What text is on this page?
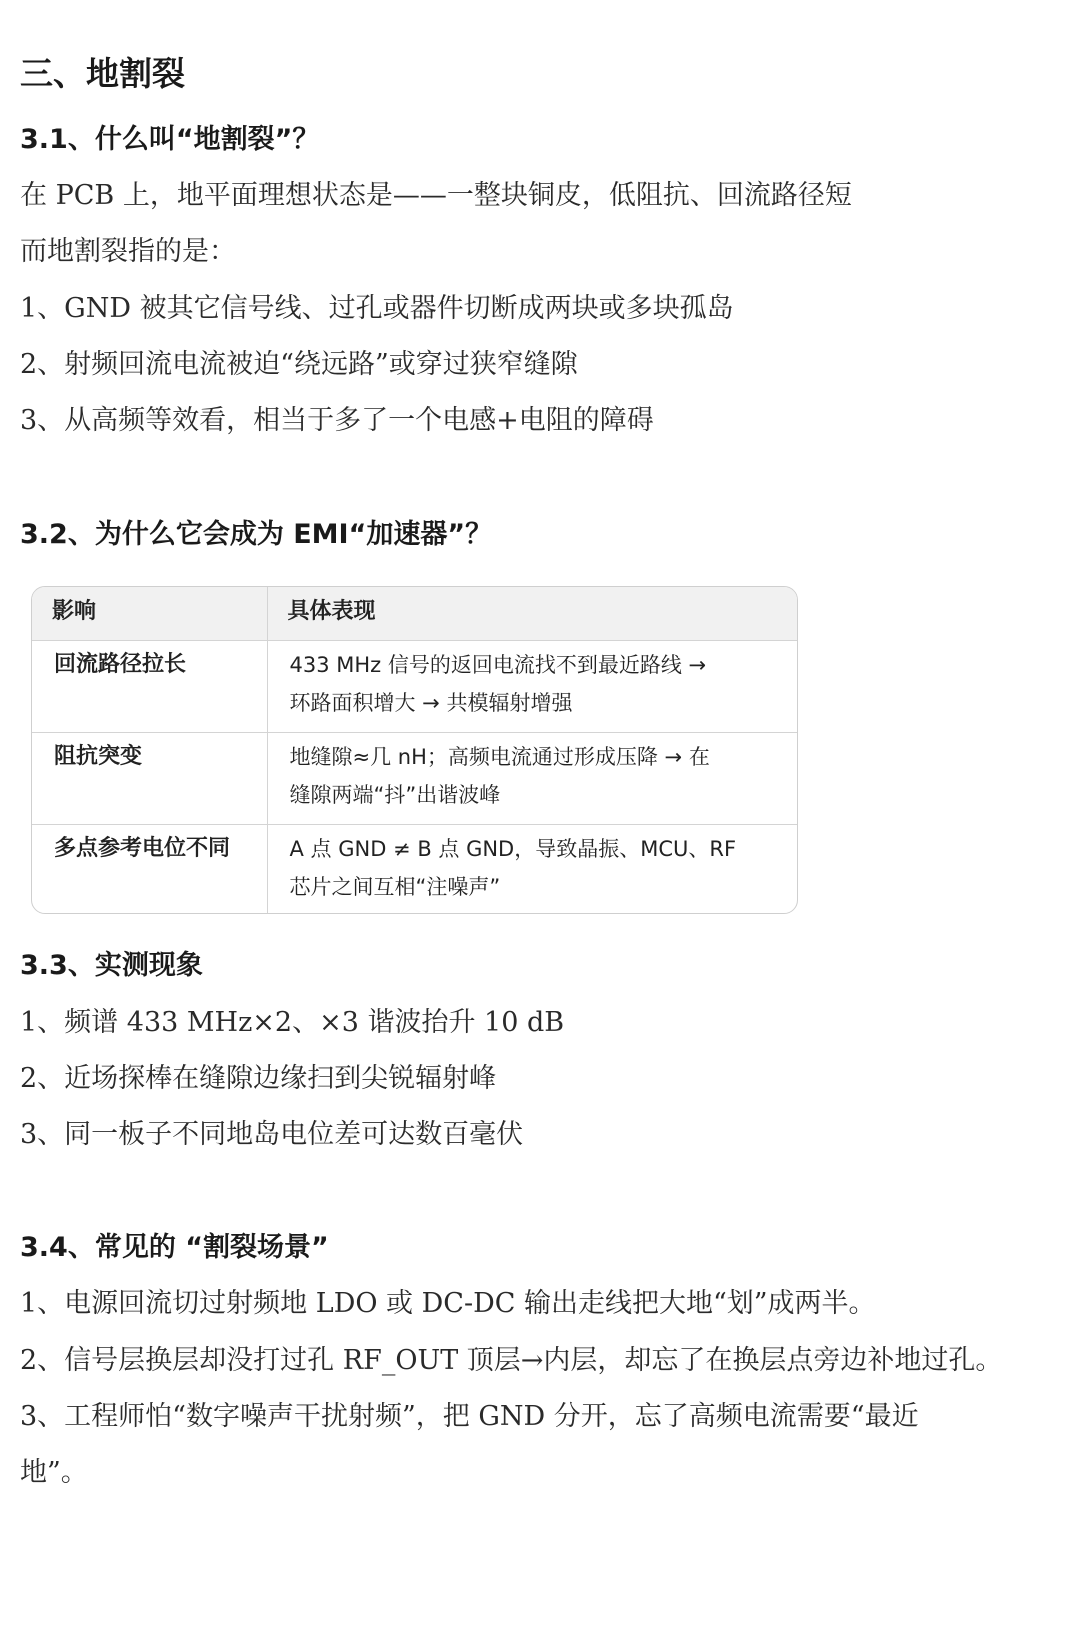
三、地割裂
3.1、什么叫“地割裂”？
在 PCB 上，地平面理想状态是——一整块铜皮，低阻抗、回流路径短
而地割裂指的是：
1、GND 被其它信号线、过孔或器件切断成两块或多块孤岛
2、射频回流电流被迫“绕远路”或穿过狭窄缝隙
3、从高频等效看，相当于多了一个电感+电阻的障碍
3.2、为什么它会成为 EMI“加速器”？
影响	具体表现
回流路径拉长	433 MHz 信号的返回电流找不到最近路线 →
环路面积增大 → 共模辐射增强

阻抗突变	地缝隙≈几 nH；高频电流通过形成压降 → 在
缝隙两端“抖”出谐波峰

多点参考电位不同	A 点 GND ≠ B 点 GND，导致晶振、MCU、RF
芯片之间互相“注噪声”
3.3、实测现象
1、频谱 433 MHz×2、×3 谐波抬升 10 dB
2、近场探棒在缝隙边缘扫到尖锐辐射峰
3、同一板子不同地岛电位差可达数百毫伏
3.4、常见的 “割裂场景”
1、电源回流切过射频地 LDO 或 DC-DC 输出走线把大地“划”成两半。
2、信号层换层却没打过孔 RF_OUT 顶层→内层，却忘了在换层点旁边补地过孔。
3、工程师怕“数字噪声干扰射频”，把 GND 分开，忘了高频电流需要“最近
地”。
